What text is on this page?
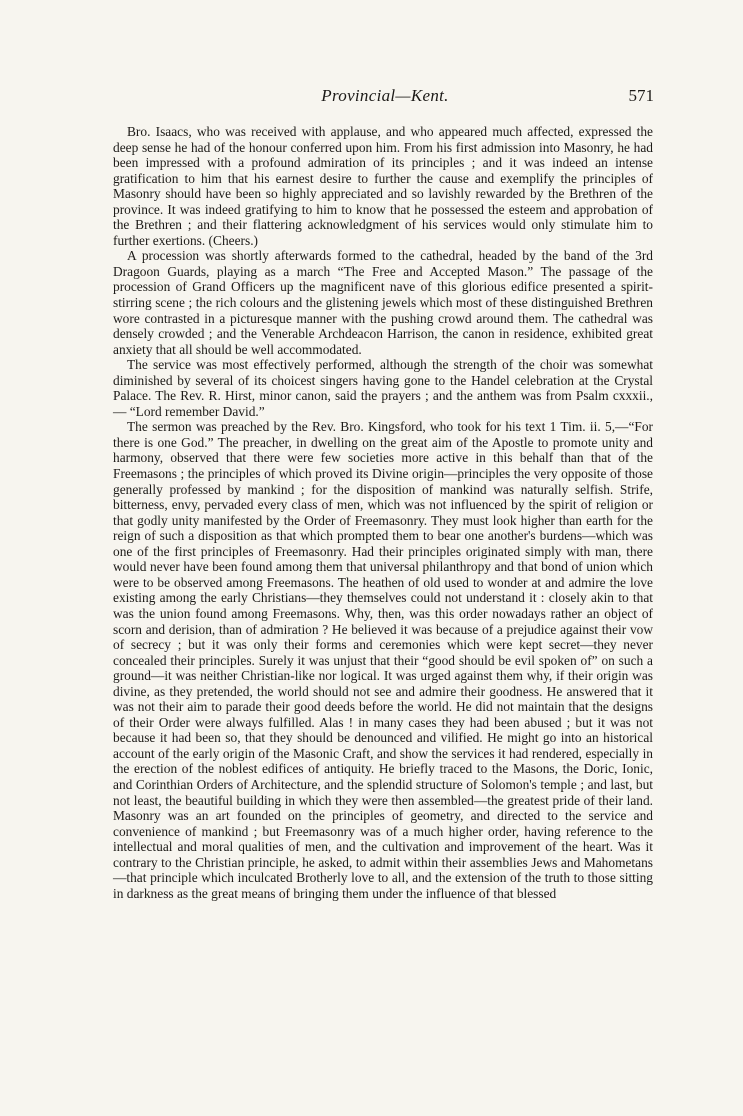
Provincial—Kent.	571

Bro. Isaacs, who was received with applause, and who appeared much affected, expressed the deep sense he had of the honour conferred upon him. From his first admission into Masonry, he had been impressed with a profound admiration of its principles ; and it was indeed an intense gratification to him that his earnest desire to further the cause and exemplify the principles of Masonry should have been so highly appreciated and so lavishly rewarded by the Brethren of the province. It was indeed gratifying to him to know that he possessed the esteem and approbation of the Brethren ; and their flattering acknowledgment of his services would only stimulate him to further exertions. (Cheers.)

A procession was shortly afterwards formed to the cathedral, headed by the band of the 3rd Dragoon Guards, playing as a march “The Free and Accepted Mason.” The passage of the procession of Grand Officers up the magnificent nave of this glorious edifice presented a spirit-stirring scene ; the rich colours and the glistening jewels which most of these distinguished Brethren wore contrasted in a picturesque manner with the pushing crowd around them. The cathedral was densely crowded ; and the Venerable Archdeacon Harrison, the canon in residence, exhibited great anxiety that all should be well accommodated.

The service was most effectively performed, although the strength of the choir was somewhat diminished by several of its choicest singers having gone to the Handel celebration at the Crystal Palace. The Rev. R. Hirst, minor canon, said the prayers ; and the anthem was from Psalm cxxxii., — “Lord remember David.”

The sermon was preached by the Rev. Bro. Kingsford, who took for his text 1 Tim. ii. 5,—“For there is one God.” The preacher, in dwelling on the great aim of the Apostle to promote unity and harmony, observed that there were few societies more active in this behalf than that of the Freemasons ; the principles of which proved its Divine origin—principles the very opposite of those generally professed by mankind ; for the disposition of mankind was naturally selfish. Strife, bitterness, envy, pervaded every class of men, which was not influenced by the spirit of religion or that godly unity manifested by the Order of Freemasonry. They must look higher than earth for the reign of such a disposition as that which prompted them to bear one another's burdens—which was one of the first principles of Freemasonry. Had their principles originated simply with man, there would never have been found among them that universal philanthropy and that bond of union which were to be observed among Freemasons. The heathen of old used to wonder at and admire the love existing among the early Christians—they themselves could not understand it : closely akin to that was the union found among Freemasons. Why, then, was this order nowadays rather an object of scorn and derision, than of admiration ? He believed it was because of a prejudice against their vow of secrecy ; but it was only their forms and ceremonies which were kept secret—they never concealed their principles. Surely it was unjust that their “good should be evil spoken of” on such a ground—it was neither Christian-like nor logical. It was urged against them why, if their origin was divine, as they pretended, the world should not see and admire their goodness. He answered that it was not their aim to parade their good deeds before the world. He did not maintain that the designs of their Order were always fulfilled. Alas ! in many cases they had been abused ; but it was not because it had been so, that they should be denounced and vilified. He might go into an historical account of the early origin of the Masonic Craft, and show the services it had rendered, especially in the erection of the noblest edifices of antiquity. He briefly traced to the Masons, the Doric, Ionic, and Corinthian Orders of Architecture, and the splendid structure of Solomon's temple ; and last, but not least, the beautiful building in which they were then assembled—the greatest pride of their land. Masonry was an art founded on the principles of geometry, and directed to the service and convenience of mankind ; but Freemasonry was of a much higher order, having reference to the intellectual and moral qualities of men, and the cultivation and improvement of the heart. Was it contrary to the Christian principle, he asked, to admit within their assemblies Jews and Mahometans—that principle which inculcated Brotherly love to all, and the extension of the truth to those sitting in darkness as the great means of bringing them under the influence of that blessed
